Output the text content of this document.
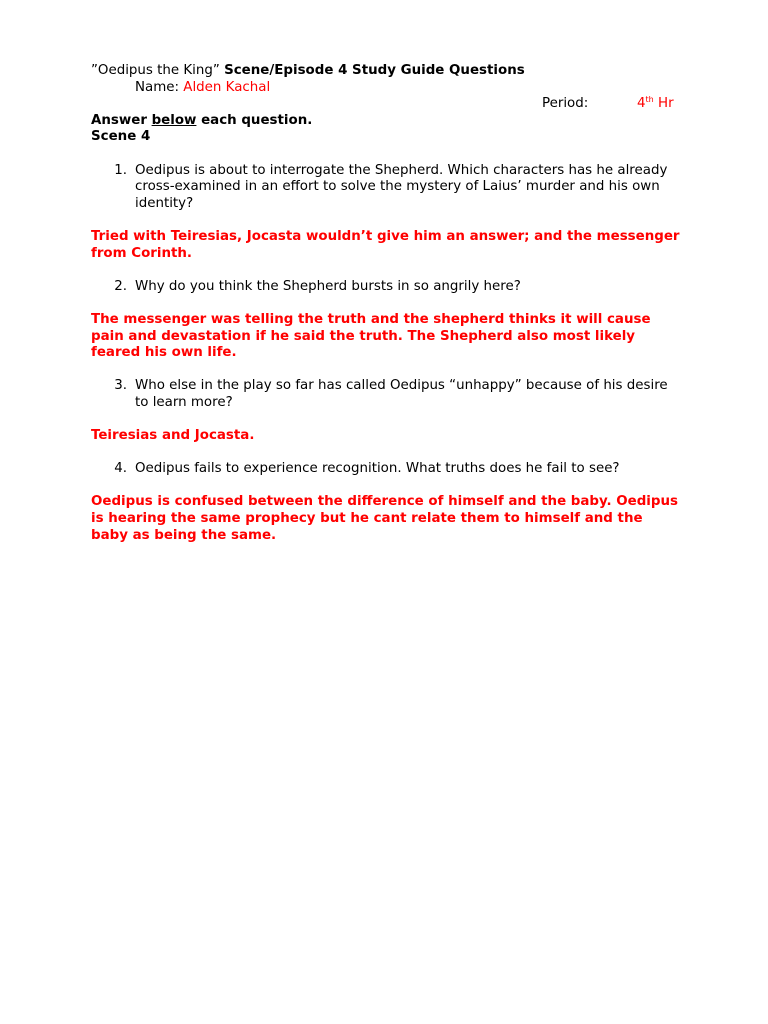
”Oedipus the King” Scene/Episode 4 Study Guide Questions
Name: Alden Kachal
Period:	4th Hr
Answer below each question.
Scene 4
1. Oedipus is about to interrogate the Shepherd. Which characters has he already cross-examined in an effort to solve the mystery of Laius’ murder and his own identity?
Tried with Teiresias, Jocasta wouldn’t give him an answer; and the messenger from Corinth.
2. Why do you think the Shepherd bursts in so angrily here?
The messenger was telling the truth and the shepherd thinks it will cause pain and devastation if he said the truth. The Shepherd also most likely feared his own life.
3. Who else in the play so far has called Oedipus “unhappy” because of his desire to learn more?
Teiresias and Jocasta.
4. Oedipus fails to experience recognition. What truths does he fail to see?
Oedipus is confused between the difference of himself and the baby. Oedipus is hearing the same prophecy but he cant relate them to himself and the baby as being the same.
